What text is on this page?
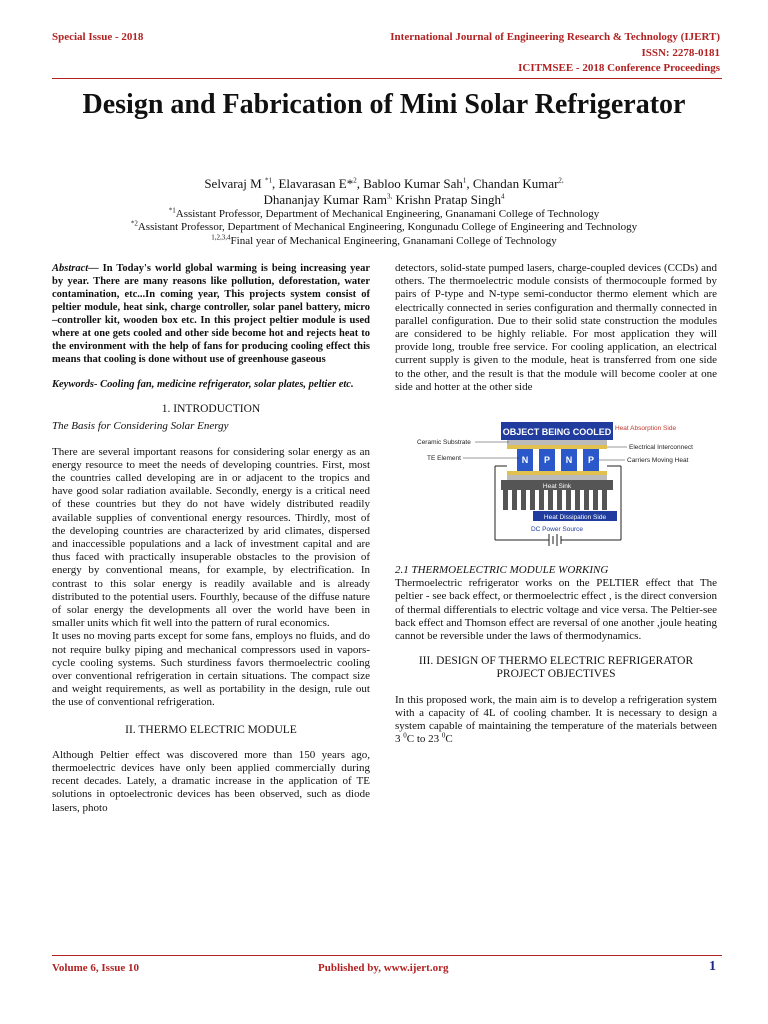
Special Issue - 2018	International Journal of Engineering Research & Technology (IJERT)
ISSN: 2278-0181
ICITMSEE - 2018 Conference Proceedings
Design and Fabrication of Mini Solar Refrigerator
Selvaraj M $^{*1}$, Elavarasan E*$^2$, Babloo Kumar Sah$^1$, Chandan Kumar$^{2,}$
Dhananjay Kumar Ram$^{3,}$ Krishn Pratap Singh$^4$
$^{*1}$Assistant Professor, Department of Mechanical Engineering, Gnanamani College of Technology
$^{*2}$Assistant Professor, Department of Mechanical Engineering, Kongunadu College of Engineering and Technology
$^{1,2,3,4}$Final year of Mechanical Engineering, Gnanamani College of Technology

Abstract— In Today's world global warming is being increasing year by year. There are many reasons like pollution, deforestation, water contamination, etc...In coming year, This projects system consist of peltier module, heat sink, charge controller, solar panel battery, micro –controller kit, wooden box etc. In this project peltier module is used where at one gets cooled and other side become hot and rejects heat to the environment with the help of fans for producing cooling effect this means that cooling is done without use of greenhouse gaseous

Keywords- Cooling fan, medicine refrigerator, solar plates, peltier etc.

1. INTRODUCTION

The Basis for Considering Solar Energy

There are several important reasons for considering solar energy as an energy resource to meet the needs of developing countries. First, most the countries called developing are in or adjacent to the tropics and have good solar radiation available. Secondly, energy is a critical need of these countries but they do not have widely distributed readily available supplies of conventional energy resources. Thirdly, most of the developing countries are characterized by arid climates, dispersed and inaccessible populations and a lack of investment capital and are thus faced with practically insuperable obstacles to the provision of energy by conventional means, for example, by electrification. In contrast to this solar energy is readily available and is already distributed to the potential users. Fourthly, because of the diffuse nature of solar energy the developments all over the world have been in smaller units which fit well into the pattern of rural economics.

It uses no moving parts except for some fans, employs no fluids, and do not require bulky piping and mechanical compressors used in vapors-cycle cooling systems. Such sturdiness favors thermoelectric cooling over conventional refrigeration in certain situations. The compact size and weight requirements, as well as portability in the design, rule out the use of conventional refrigeration.

II. THERMO ELECTRIC MODULE

Although Peltier effect was discovered more than 150 years ago, thermoelectric devices have only been applied commercially during recent decades. Lately, a dramatic increase in the application of TE solutions in optoelectronic devices has been observed, such as diode lasers, photo

detectors, solid-state pumped lasers, charge-coupled devices (CCDs) and others. The thermoelectric module consists of thermocouple formed by pairs of P-type and N-type semi-conductor thermo element which are electrically connected in series configuration and thermally connected in parallel configuration. Due to their solid state construction the modules are considered to be highly reliable. For most application they will provide long, trouble free service. For cooling application, an electrical current supply is given to the module, heat is transferred from one side to the other, and the result is that the module will become cooler at one side and hotter at the other side

OBJECT BEING COOLED Heat Absorption Side
N P N P
Heat Sink
Heat Dissipation Side
DC Power Source
Ceramic Substrate
TE Element
Electrical Interconnect
Carriers Moving Heat

2.1 THERMOELECTRIC MODULE WORKING

Thermoelectric refrigerator works on the PELTIER effect that The peltier - see back effect, or thermoelectric effect , is the direct conversion of thermal differentials to electric voltage and vice versa. The Peltier-see back effect and Thomson effect are reversal of one another ,joule heating cannot be reversible under the laws of thermodynamics.

III. DESIGN OF THERMO ELECTRIC REFRIGERATOR

PROJECT OBJECTIVES

In this proposed work, the main aim is to develop a refrigeration system with a capacity of 4L of cooling chamber. It is necessary to design a system capable of maintaining the temperature of the materials between 3 $^0$C to 23 $^0$C

Volume 6, Issue 10	Published by, www.ijert.org	1
